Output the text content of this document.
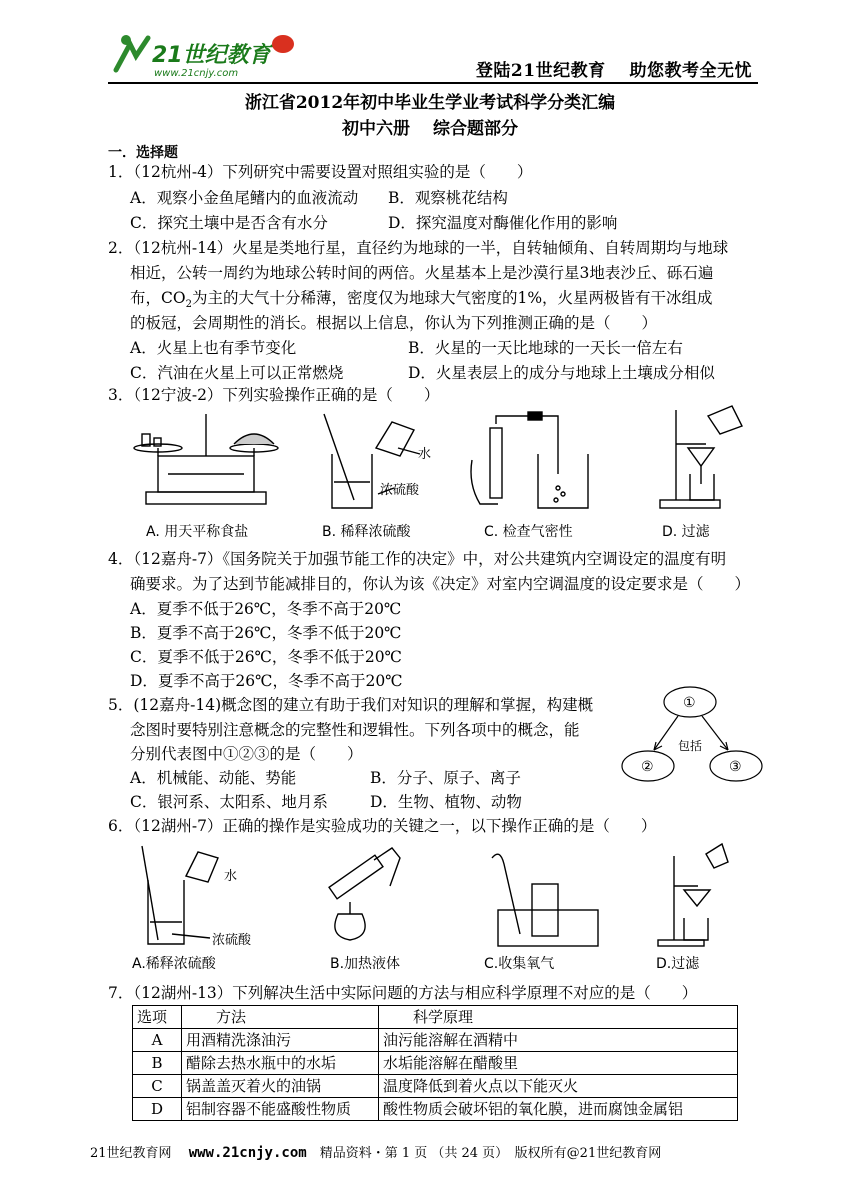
21世纪教育
www.21cnjy.com	登陆21世纪教育　 助您教考全无忧
浙江省2012年初中毕业生学业考试科学分类汇编
初中六册　 综合题部分
一．选择题
1．（12杭州-4）下列研究中需要设置对照组实验的是（　　）
A．观察小金鱼尾鳍内的血液流动 B．观察桃花结构
C．探究土壤中是否含有水分	D．探究温度对酶催化作用的影响
2．（12杭州-14）火星是类地行星，直径约为地球的一半，自转轴倾角、自转周期均与地球
相近，公转一周约为地球公转时间的两倍。火星基本上是沙漠行星3地表沙丘、砾石遍
布，$CO_2$为主的大气十分稀薄，密度仅为地球大气密度的1%，火星两极皆有干冰组成
的板冠，会周期性的消长。根据以上信息，你认为下列推测正确的是（　　）
A．火星上也有季节变化	B．火星的一天比地球的一天长一倍左右
C．汽油在火星上可以正常燃烧	D．火星表层上的成分与地球上土壤成分相似
3．（12宁波-2）下列实验操作正确的是（　　）
水
浓硫酸
A. 用天平称食盐	B. 稀释浓硫酸	C. 检查气密性	D. 过滤
4．（12嘉舟-7）《国务院关于加强节能工作的决定》中，对公共建筑内空调设定的温度有明
确要求。为了达到节能减排目的，你认为该《决定》对室内空调温度的设定要求是（　　）
A．夏季不低于26℃，冬季不高于20℃
B．夏季不高于26℃，冬季不低于20℃
C．夏季不低于26℃，冬季不低于20℃
D．夏季不高于26℃，冬季不高于20℃
5．(12嘉舟-14)概念图的建立有助于我们对知识的理解和掌握，构建概
念图时要特别注意概念的完整性和逻辑性。下列各项中的概念，能
分别代表图中①②③的是（　　）
A．机械能、动能、势能	B．分子、原子、离子
C．银河系、太阳系、地月系	D．生物、植物、动物
①
②	③
包括
6．（12湖州-7）正确的操作是实验成功的关键之一，以下操作正确的是（　　）
水
浓硫酸
A.稀释浓硫酸	B.加热液体	C.收集氧气	D.过滤
7．（12湖州-13）下列解决生活中实际问题的方法与相应科学原理不对应的是（　　）
选项	　　方法	　　科学原理
A	用酒精洗涤油污	油污能溶解在酒精中
B	醋除去热水瓶中的水垢	水垢能溶解在醋酸里
C	锅盖盖灭着火的油锅	温度降低到着火点以下能灭火
D	铝制容器不能盛酸性物质	酸性物质会破坏铝的氧化膜，进而腐蚀金属铝
21世纪教育网　 www.21cnjy.com　精品资料・第 1 页 （共 24 页）　版权所有@21世纪教育网
